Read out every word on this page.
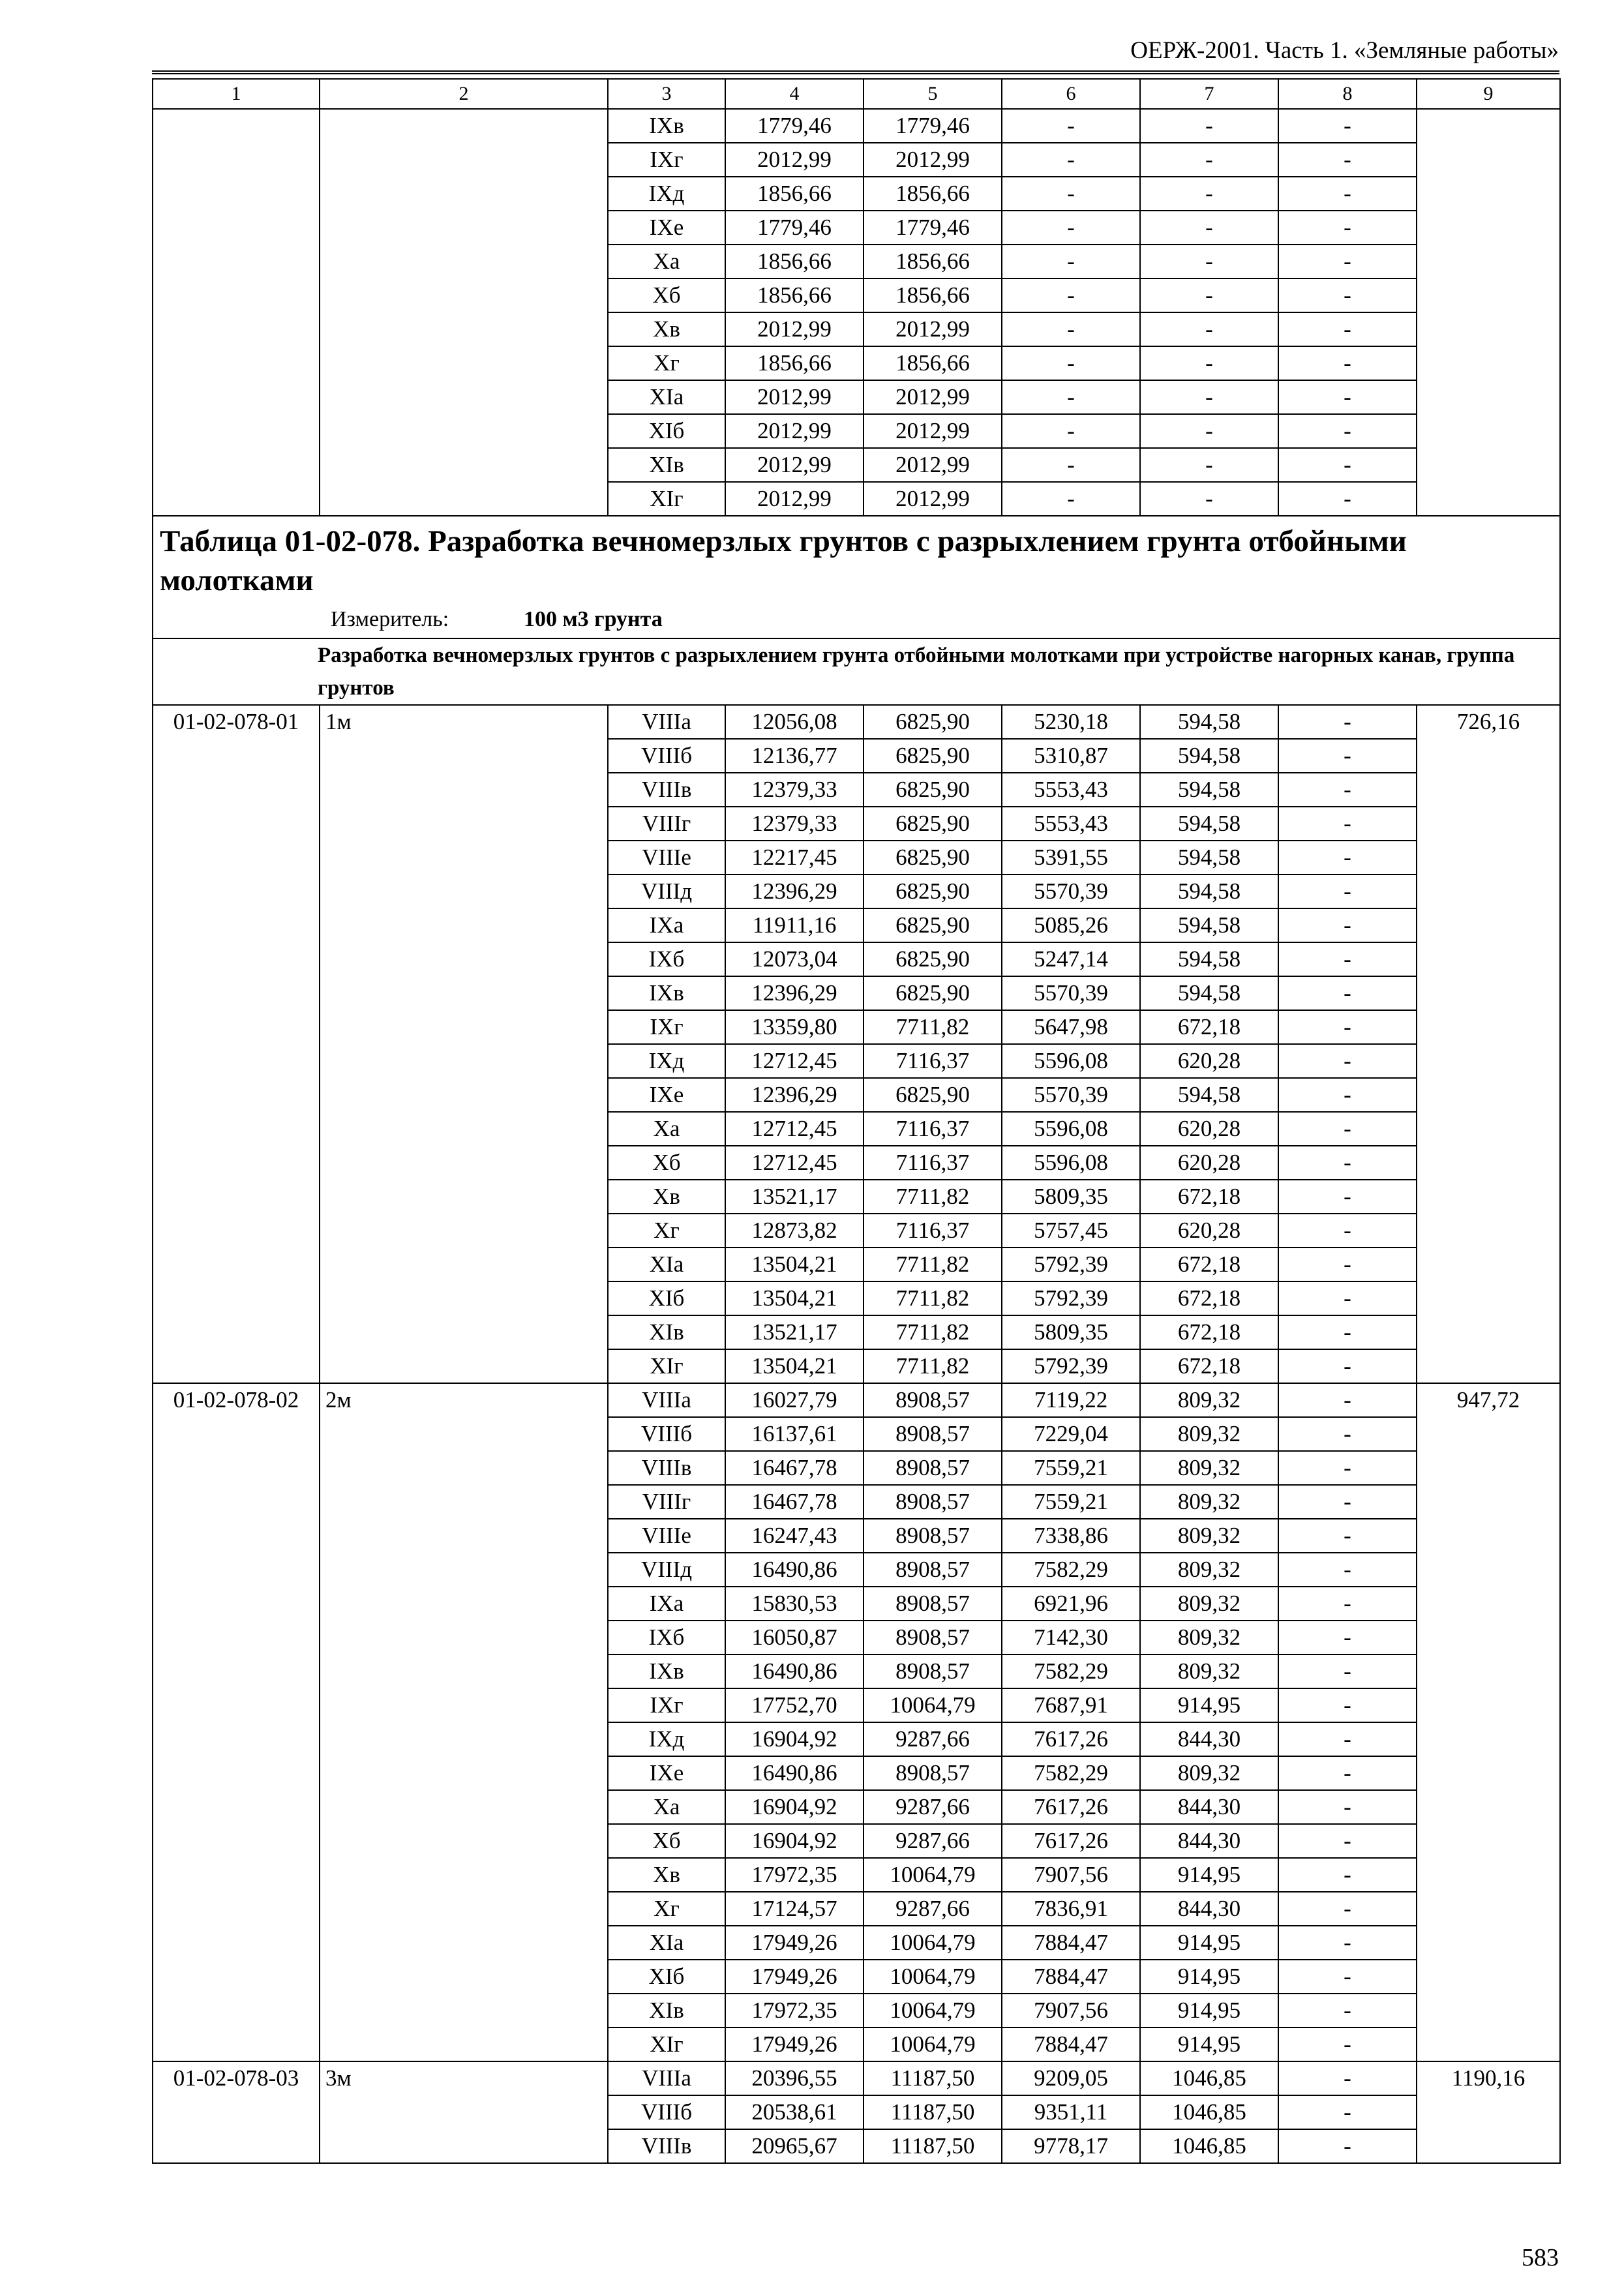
ОЕРЖ-2001. Часть 1. «Земляные работы»
1	2	3	4	5	6	7	8	9
		IXв	1779,46	1779,46	-	-	-	
		IXг	2012,99	2012,99	-	-	-	
		IXд	1856,66	1856,66	-	-	-	
		IXе	1779,46	1779,46	-	-	-	
		Xа	1856,66	1856,66	-	-	-	
		Xб	1856,66	1856,66	-	-	-	
		Xв	2012,99	2012,99	-	-	-	
		Xг	1856,66	1856,66	-	-	-	
		XIа	2012,99	2012,99	-	-	-	
		XIб	2012,99	2012,99	-	-	-	
		XIв	2012,99	2012,99	-	-	-	
		XIг	2012,99	2012,99	-	-	-	

Таблица 01-02-078. Разработка вечномерзлых грунтов с разрыхлением грунта отбойными молотками
Измеритель: 100 м3 грунта								

Разработка вечномерзлых грунтов с разрыхлением грунта отбойными молотками при устройстве нагорных канав, группа грунтов								
01-02-078-01	1м	VIIIа	12056,08	6825,90	5230,18	594,58	-	726,16
		VIIIб	12136,77	6825,90	5310,87	594,58	-	
		VIIIв	12379,33	6825,90	5553,43	594,58	-	
		VIIIг	12379,33	6825,90	5553,43	594,58	-	
		VIIIе	12217,45	6825,90	5391,55	594,58	-	
		VIIIд	12396,29	6825,90	5570,39	594,58	-	
		IXа	11911,16	6825,90	5085,26	594,58	-	
		IXб	12073,04	6825,90	5247,14	594,58	-	
		IXв	12396,29	6825,90	5570,39	594,58	-	
		IXг	13359,80	7711,82	5647,98	672,18	-	
		IXд	12712,45	7116,37	5596,08	620,28	-	
		IXе	12396,29	6825,90	5570,39	594,58	-	
		Xа	12712,45	7116,37	5596,08	620,28	-	
		Xб	12712,45	7116,37	5596,08	620,28	-	
		Xв	13521,17	7711,82	5809,35	672,18	-	
		Xг	12873,82	7116,37	5757,45	620,28	-	
		XIа	13504,21	7711,82	5792,39	672,18	-	
		XIб	13504,21	7711,82	5792,39	672,18	-	
		XIв	13521,17	7711,82	5809,35	672,18	-	
		XIг	13504,21	7711,82	5792,39	672,18	-	
01-02-078-02	2м	VIIIа	16027,79	8908,57	7119,22	809,32	-	947,72
		VIIIб	16137,61	8908,57	7229,04	809,32	-	
		VIIIв	16467,78	8908,57	7559,21	809,32	-	
		VIIIг	16467,78	8908,57	7559,21	809,32	-	
		VIIIе	16247,43	8908,57	7338,86	809,32	-	
		VIIIд	16490,86	8908,57	7582,29	809,32	-	
		IXа	15830,53	8908,57	6921,96	809,32	-	
		IXб	16050,87	8908,57	7142,30	809,32	-	
		IXв	16490,86	8908,57	7582,29	809,32	-	
		IXг	17752,70	10064,79	7687,91	914,95	-	
		IXд	16904,92	9287,66	7617,26	844,30	-	
		IXе	16490,86	8908,57	7582,29	809,32	-	
		Xа	16904,92	9287,66	7617,26	844,30	-	
		Xб	16904,92	9287,66	7617,26	844,30	-	
		Xв	17972,35	10064,79	7907,56	914,95	-	
		Xг	17124,57	9287,66	7836,91	844,30	-	
		XIа	17949,26	10064,79	7884,47	914,95	-	
		XIб	17949,26	10064,79	7884,47	914,95	-	
		XIв	17972,35	10064,79	7907,56	914,95	-	
		XIг	17949,26	10064,79	7884,47	914,95	-	
01-02-078-03	3м	VIIIа	20396,55	11187,50	9209,05	1046,85	-	1190,16
		VIIIб	20538,61	11187,50	9351,11	1046,85	-	
		VIIIв	20965,67	11187,50	9778,17	1046,85	-	
583
